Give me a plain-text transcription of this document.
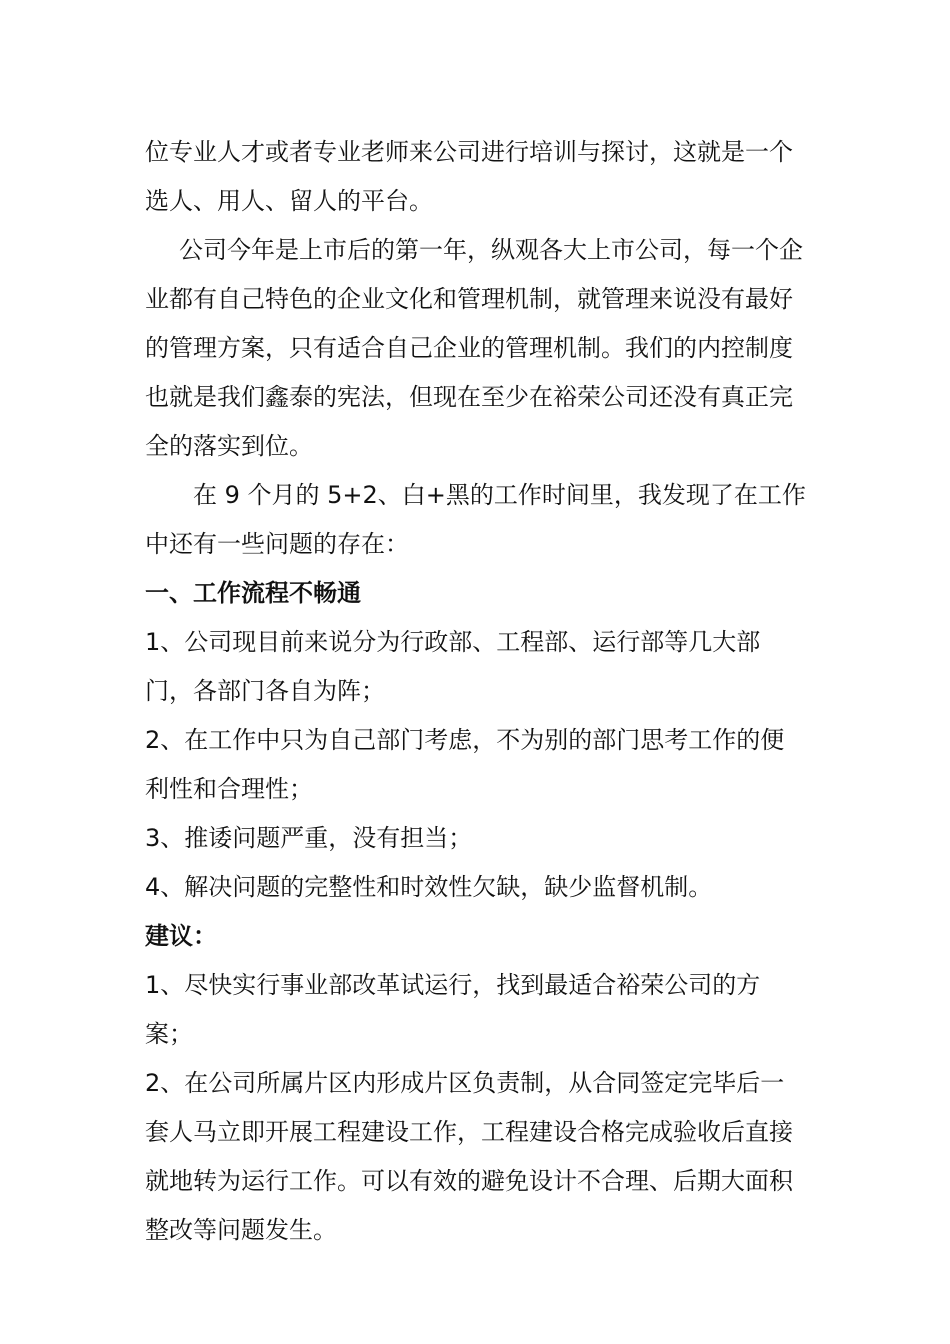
位专业人才或者专业老师来公司进行培训与探讨，这就是一个选人、用人、留人的平台。

公司今年是上市后的第一年，纵观各大上市公司，每一个企业都有自己特色的企业文化和管理机制，就管理来说没有最好的管理方案，只有适合自己企业的管理机制。我们的内控制度也就是我们鑫泰的宪法，但现在至少在裕荣公司还没有真正完全的落实到位。

在 9 个月的 5+2、白+黑的工作时间里，我发现了在工作中还有一些问题的存在：

一、工作流程不畅通

1、公司现目前来说分为行政部、工程部、运行部等几大部门，各部门各自为阵；

2、在工作中只为自己部门考虑，不为别的部门思考工作的便利性和合理性；

3、推诿问题严重，没有担当；

4、解决问题的完整性和时效性欠缺，缺少监督机制。

建议：

1、尽快实行事业部改革试运行，找到最适合裕荣公司的方案；

2、在公司所属片区内形成片区负责制，从合同签定完毕后一套人马立即开展工程建设工作，工程建设合格完成验收后直接就地转为运行工作。可以有效的避免设计不合理、后期大面积整改等问题发生。
